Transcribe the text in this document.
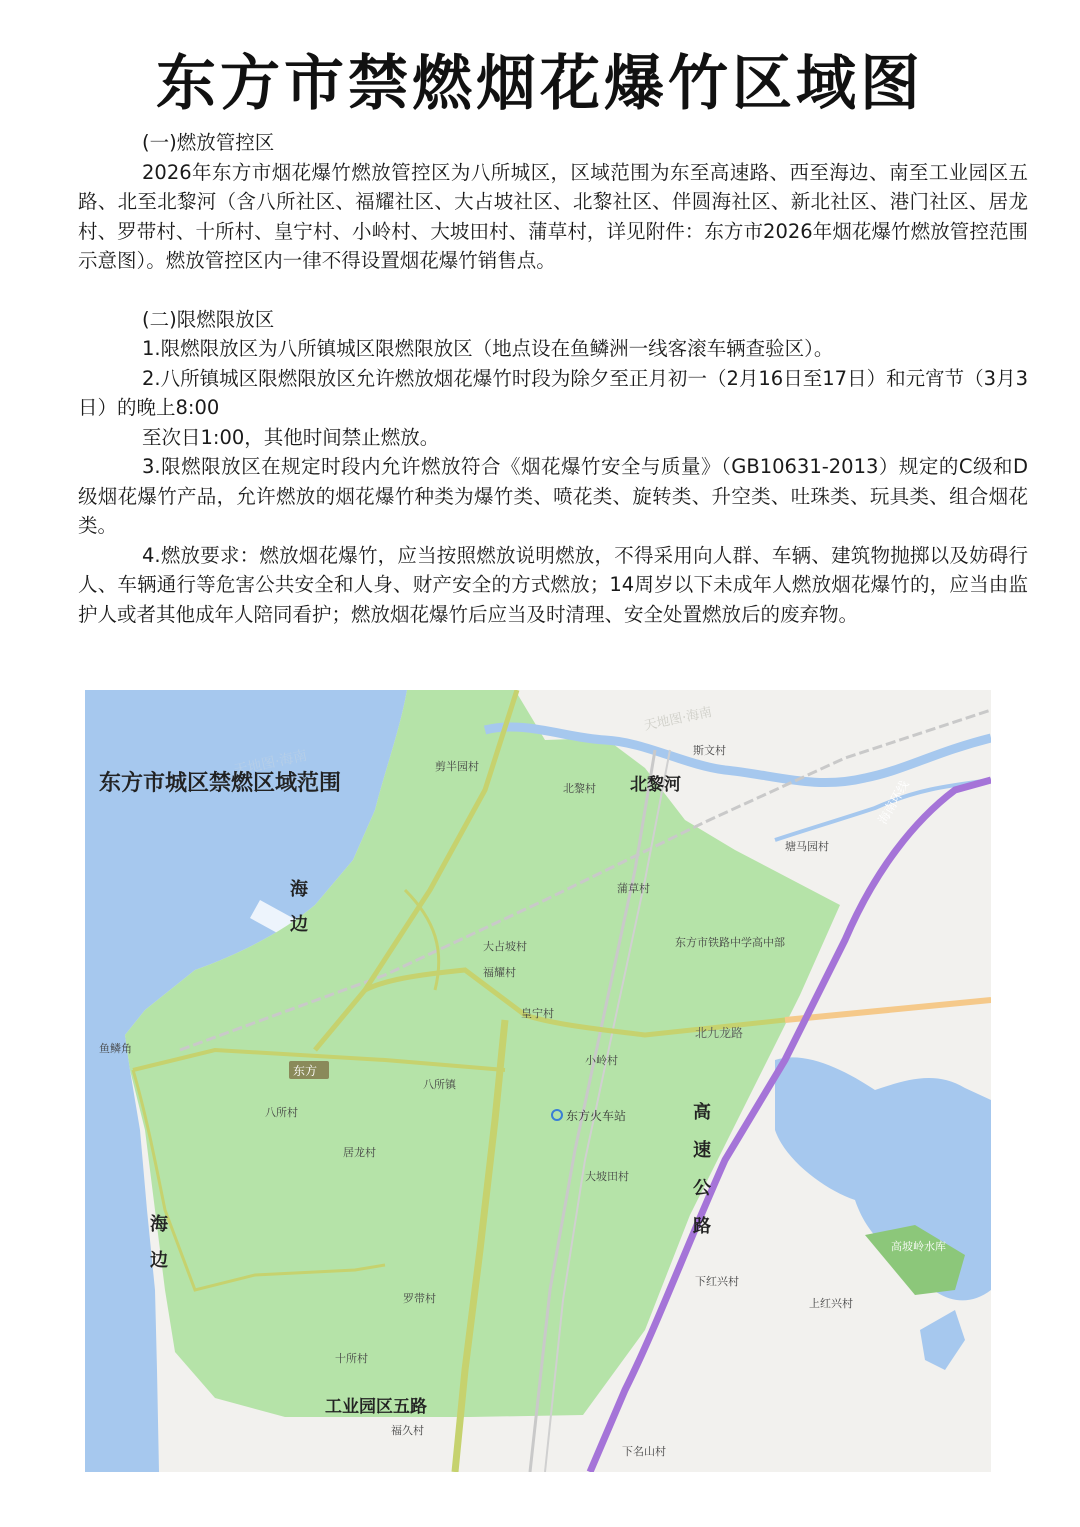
东方市禁燃烟花爆竹区域图

(一)燃放管控区

2026年东方市烟花爆竹燃放管控区为八所城区，区域范围为东至高速路、西至海边、南至工业园区五路、北至北黎河（含八所社区、福耀社区、大占坡社区、北黎社区、伴圆海社区、新北社区、港门社区、居龙村、罗带村、十所村、皇宁村、小岭村、大坡田村、蒲草村，详见附件：东方市2026年烟花爆竹燃放管控范围示意图）。燃放管控区内一律不得设置烟花爆竹销售点。

(二)限燃限放区

1.限燃限放区为八所镇城区限燃限放区（地点设在鱼鳞洲一线客滚车辆查验区）。

2.八所镇城区限燃限放区允许燃放烟花爆竹时段为除夕至正月初一（2月16日至17日）和元宵节（3月3日）的晚上8:00

至次日1:00，其他时间禁止燃放。

3.限燃限放区在规定时段内允许燃放符合《烟花爆竹安全与质量》（GB10631-2013）规定的C级和D级烟花爆竹产品，允许燃放的烟花爆竹种类为爆竹类、喷花类、旋转类、升空类、吐珠类、玩具类、组合烟花类。

4.燃放要求：燃放烟花爆竹，应当按照燃放说明燃放，不得采用向人群、车辆、建筑物抛掷以及妨碍行人、车辆通行等危害公共安全和人身、财产安全的方式燃放；14周岁以下未成年人燃放烟花爆竹的，应当由监护人或者其他成年人陪同看护；燃放烟花爆竹后应当及时清理、安全处置燃放后的废弃物。

天地图·海南
天地图·海南
东方市城区禁燃区域范围	北黎河
海
边
海
边
高
速
公
路
工业园区五路
海南环线
北九龙路
东方
东方火车站
剪半园村
北黎村
斯文村
塘马园村
蒲草村
大占坡村
福耀村
东方市铁路中学高中部
皇宁村
小岭村
八所镇
八所村
居龙村
大坡田村
罗带村
十所村
福久村
下红兴村
上红兴村
下名山村
鱼鳞角
高坡岭水库
